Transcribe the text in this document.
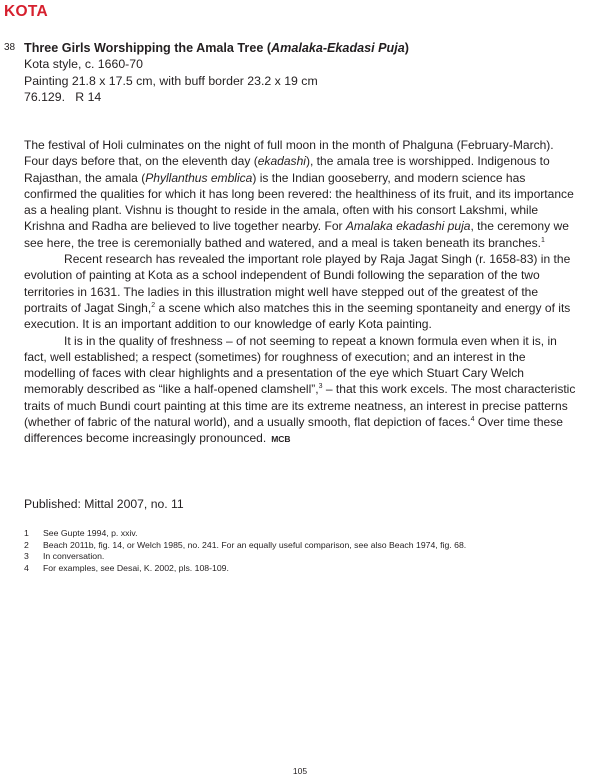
KOTA
38 Three Girls Worshipping the Amala Tree (Amalaka-Ekadasi Puja)
Kota style, c. 1660-70
Painting 21.8 x 17.5 cm, with buff border 23.2 x 19 cm
76.129.   R 14

The festival of Holi culminates on the night of full moon in the month of Phalguna (February-March). Four days before that, on the eleventh day (ekadashi), the amala tree is worshipped. Indigenous to Rajasthan, the amala (Phyllanthus emblica) is the Indian gooseberry, and modern science has confirmed the qualities for which it has long been revered: the healthiness of its fruit, and its importance as a healing plant. Vishnu is thought to reside in the amala, often with his consort Lakshmi, while Krishna and Radha are believed to live together nearby. For Amalaka ekadashi puja, the ceremony we see here, the tree is ceremonially bathed and watered, and a meal is taken beneath its branches.$^1$

Recent research has revealed the important role played by Raja Jagat Singh (r. 1658-83) in the evolution of painting at Kota as a school independent of Bundi following the separation of the two territories in 1631. The ladies in this illustration might well have stepped out of the greatest of the portraits of Jagat Singh,$^2$ a scene which also matches this in the seeming spontaneity and energy of its execution. It is an important addition to our knowledge of early Kota painting.

It is in the quality of freshness – of not seeming to repeat a known formula even when it is, in fact, well established; a respect (sometimes) for roughness of execution; and an interest in the modelling of faces with clear highlights and a presentation of the eye which Stuart Cary Welch memorably described as “like a half-opened clamshell”,$^3$ – that this work excels. The most characteristic traits of much Bundi court painting at this time are its extreme neatness, an interest in precise patterns (whether of fabric of the natural world), and a usually smooth, flat depiction of faces.$^4$ Over time these differences become increasingly pronounced. MCB

Published: Mittal 2007, no. 11
1	See Gupte 1994, p. xxiv.
2	Beach 2011b, fig. 14, or Welch 1985, no. 241. For an equally useful comparison, see also Beach 1974, fig. 68.
3	In conversation.
4	For examples, see Desai, K. 2002, pls. 108-109.
105
